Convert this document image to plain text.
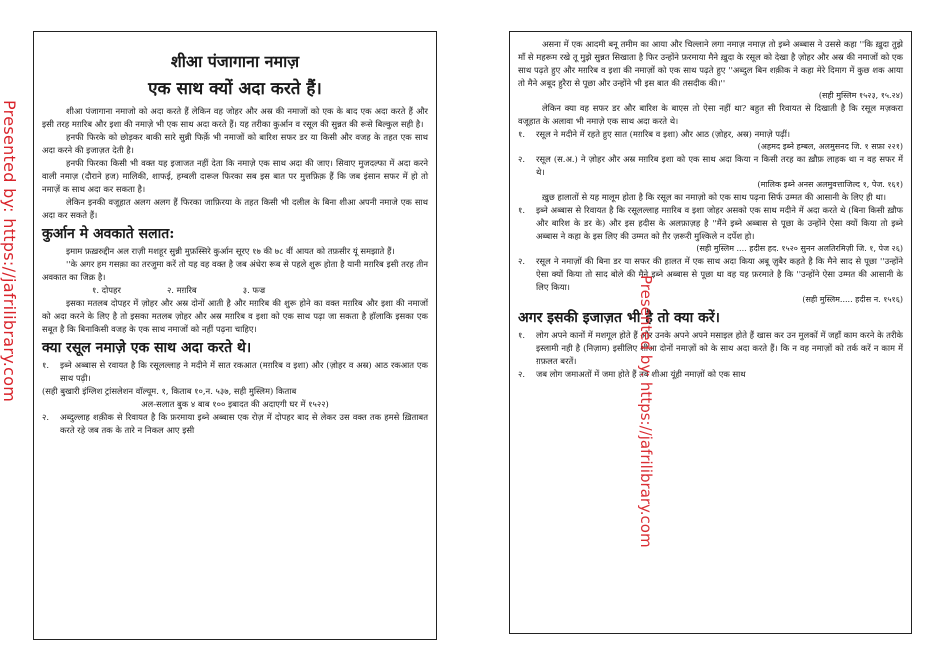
Presented by: https://jafrilibrary.com
शीआ पंजागाना नमाज़
एक साथ क्यों अदा करते हैं।

शीआ पंजागाना नमाजो को अदा करते हैं लेकिन वह जोहर और अस्र की नमाजों को एक के बाद एक अदा करते हैं और इसी तरह मग़रिब और इशा की नमाज़े भी एक साथ अदा करते हैं। यह तरीका कुर्आन व रसूल की सुन्नत की रूसे बिल्कुल सही है।

हनफी फिरके को छोड़कर बाकी सारे सुन्नी फिर्क़े भी नमाजों को बारिश सफर डर या किसी और वजह के तहत एक साथ अदा करने की इजाज़त देती है।

हनफी फिरका किसी भी वक्त यह इजाजत नहीं देता कि नमाज़े एक साथ अदा की जाए। सिवाए मुजदल्फा में अदा करने वाली नमाज़ (दौराने हज) मालिकी, शाफई, हम्बली दारूल फिरका सब इस बात पर मुत्तफ़िक़ हैं कि जब इंसान सफर में हो तो नमाज़ें क साथ अदा कर सकता है।

लेकिन इनकी वजूहात अलग अलग हैं फिरका जाफ़िरया के तहत किसी भी दलील के बिना शीआ अपनी नमाजे एक साथ अदा कर सकते हैं।

कुर्आन मे अवकाते सलात:

इमाम फ़ख़रुद्दीन अल राज़ी मशहूर सुन्नी मुफ़स्सिरे कुर्आन सूरए १७ की ७८ वीं आयत को तफ़सीर यूं समझाते हैं।

''के अगर हम गसक़ा का तरजुमा करें तो यह वह वक्त है जब अंधेरा रूब से पहले शुरू होता है यानी मग़रिब इसी तरह तीन अवकात का जिक्र है।

१. दोपहर	२. मग़रिब	३. फज्र

इसका मतलब दोपहर में ज़ोहर और अस्र दोनों आती है और मग़रिब की शुरू होने का वक्त मग़रिब और इशा की नमाजों को अदा करने के लिए है तो इसका मतलब ज़ोहर और अस्र मग़रिब व इशा को एक साथ पढ़ा जा सकता है हॉलाकि इसका एक सबूत है कि बिनाकिसी वजह के एक साथ नमाजों को नहीं पढ़ना चाहिए।

क्या रसूल नमाज़े एक साथ अदा करते थे।

१. इब्ने अब्बास से रवायत है कि रसूलल्लाह ने मदीने में सात रकआत (मग़रिब व इशा) और (ज़ोहर व अस्र) आठ रकआत एक साथ पढ़ी।

(सही बुखारी इंग्लिश ट्रांसलेशन वॉल्यूम. १, किताब १०,न. ५३७, सही मुस्लिम) किताब

अल-सलात बुक ४ बाब १०० इबादत की अदाएगी घर में १५२२)

२. अब्दुल्लाह शक़ीक से रिवायत है कि फ़रमाया इब्ने अब्बास एक रोज़ में दोपहर बाद से लेकर उस वक्त तक हमसे ख़िताबत करते रहे जब तक के तारे न निकल आए इसी

असना में एक आदमी बनू तमीम का आया और चिल्लाने लगा नमाज़ नमाज़ तो इब्ने अब्बास ने उससे कहा ''कि ख़ुदा तुझे माँ से महरूम रखे तू मुझे सुन्नत सिखाता है फिर उन्होंने फ़रमाया मैने ख़ुदा के रसूल को देखा है ज़ोहर और अस्र की नमाजों को एक साथ पढ़ते हुए और मग़रिब व इशा की नमाज़ों को एक साथ पढ़ते हुए ''अब्दुल बिन शक़ीक ने कहा मेरे दिमाग में कुछ शक आया तो मैने अबूद हुरैरा से पूछा और उन्होंने भी इस बात की तसदीक की।''

(सही मुस्लिम १५२३, १५.२४)

लेकिन क्या वह सफर डर और बारिश के बाएस तो ऐसा नहीं था? बहुत सी रिवायत से दिखाती है कि रसूल मज़करा वजूहात के अलावा भी नमाज़े एक साथ अदा करते थे।

१. रसूल ने मदीने में रहते हुए सात (मग़रिब व इशा) और आठ (ज़ोहर, अस्र) नमाज़े पढ़ीं।

(अहमद इब्ने हम्बल, अलमुसनद जि. १ सफ़ा २२१)

२. रसूल (स.अ.) ने ज़ोहर और अस्र मग़रिब इशा को एक साथ अदा किया न किसी तरह का ख़ौफ़ लाहक था न वह सफर में थे।

(मालिक इब्ने अनस अलमुवत्ताजिल्द १, पेज. १६१)

ख़ुछ हालातों से यह मालूम होता है कि रसूल का नमाज़ो को एक साथ पढ़ना सिर्फ उम्मत की आसानी के लिए ही था।

१. इब्ने अब्बास से रिवायत है कि रसूलल्लाह मग़रिब व इशा जोहर असको एक साथ मदीने में अदा करते थे (बिना किसी ख़ौफ और बारिश के डर के) और इस हदीस के अलफ़ाज़ह है ''मैंने इब्ने अब्बास से पूछा के उन्होंने ऐसा क्यों किया तो इब्ने अब्बास ने कहा के इस लिए की उम्मत को ग़ैर ज़रूरी मुश्किले न दर्पेश हो।

(सही मुस्लिम .... हदीस हद. १५२० सुनन अलतिरमिज़ी जि. १, पेज २६)

२. रसूल ने नमाज़ों की बिना डर या सफर की हालत में एक साथ अदा किया अबू ज़ुबैर कहते है कि मैने साद से पूछा ''उन्होंने ऐसा क्यों किया तो साद बोले की मैने इब्ने अब्बास से पूछा था वह यह फ़रमाते है कि ''उन्होंने ऐसा उम्मत की आसानी के लिए किया।

(सही मुस्लिम..... हदीस न. १५१६)

अगर इसकी इजाज़त भी है तो क्या करें।

१. लोग अपने कानों में मशगूल होते हैं और उनके अपने अपने मसाइल होते हैं खास कर उन मुलकों में जहाँ काम करने के तरीके इस्लामी नही है (निज़ाम) इसीलिए शीआ दोनों नमाज़ों को के साथ अदा करते हैं। कि न वह नमाज़ों को तर्क करें न काम में ग़फ़लत बरतें।

२. जब लोग जमाअतों में जमा होते हैं तब शीआ यूंही नमाज़ों को एक साथ

Presented by: https://jafrilibrary.com
